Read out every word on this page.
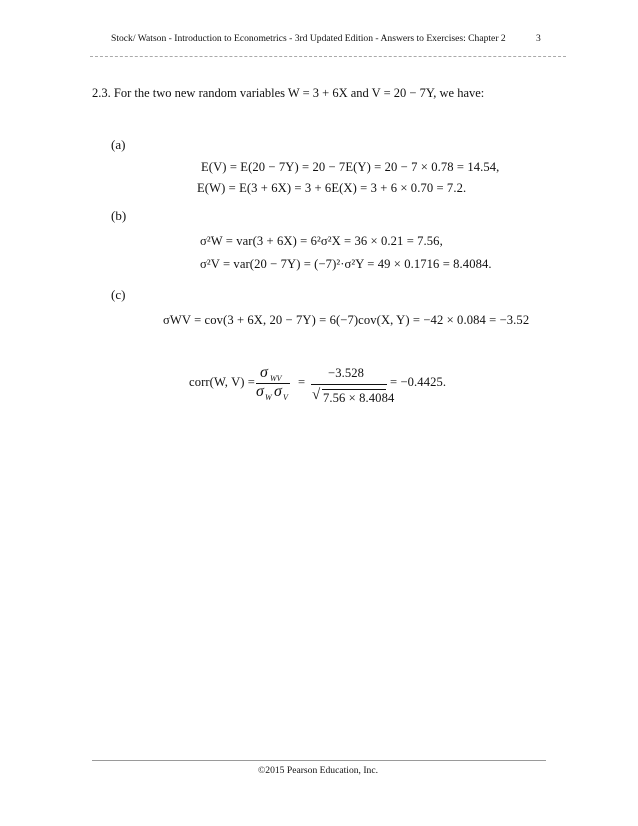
Stock/ Watson - Introduction to Econometrics - 3rd Updated Edition - Answers to Exercises: Chapter 2	3
2.3. For the two new random variables W = 3 + 6X and V = 20 − 7Y, we have:
(a)
E(V) = E(20 − 7Y) = 20 − 7E(Y) = 20 − 7 × 0.78 = 14.54,
E(W) = E(3 + 6X) = 3 + 6E(X) = 3 + 6 × 0.70 = 7.2.
(b)
σ²W = var(3 + 6X) = 6²σ²X = 36 × 0.21 = 7.56,
σ²V = var(20 − 7Y) = (−7)²·σ²Y = 49 × 0.1716 = 8.4084.
(c)
σWV = cov(3 + 6X, 20 − 7Y) = 6(−7)cov(X, Y) = −42 × 0.084 = −3.52
corr(W, V) =
σ WV
σ W σ V
=
−3.528
√ 7.56 × 8.4084
= −0.4425.
©2015 Pearson Education, Inc.
